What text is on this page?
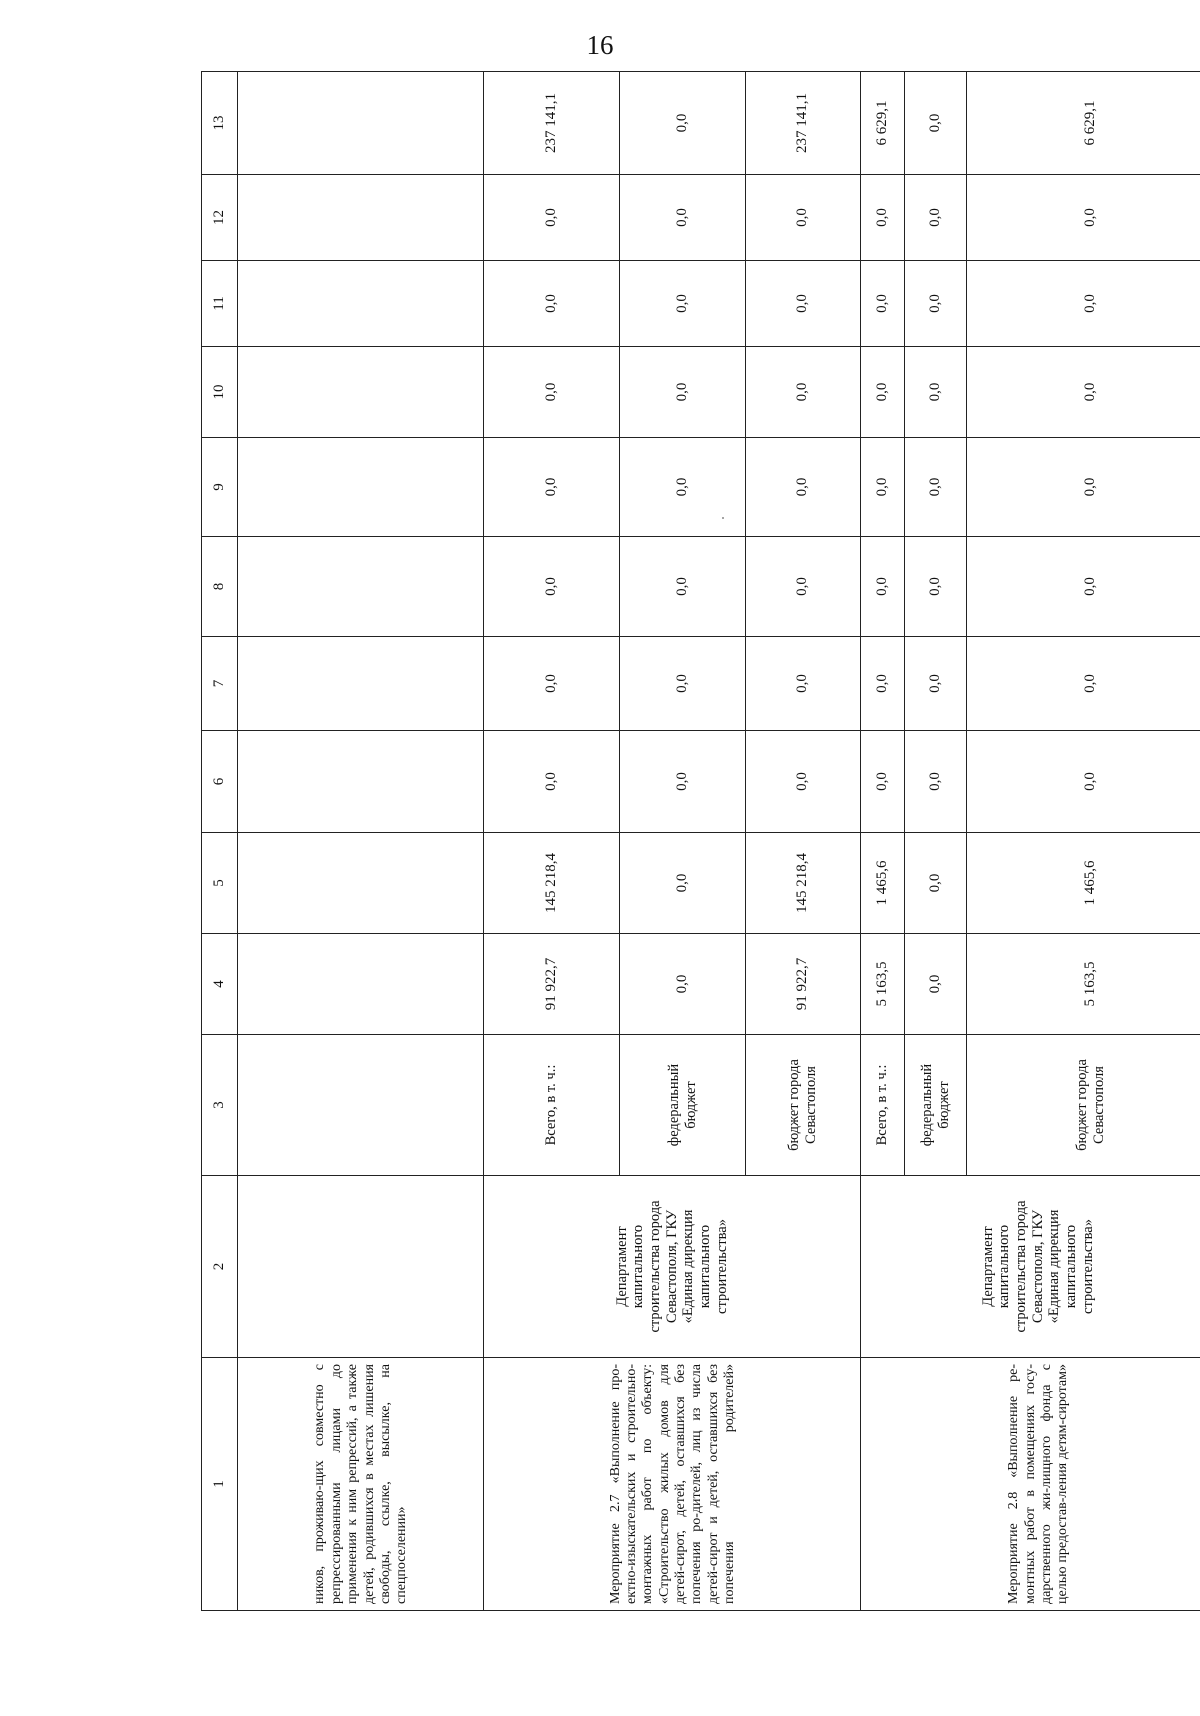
16
1	2	3	4	5	6	7	8	9	10	11	12	13

ников, проживаю-щих совместно с репрессированными лицами до применения к ним репрессий, а также детей, родившихся в местах лишения свободы, ссылке, высылке, на спецпоселении»												

Мероприятие 2.7 «Выполнение про-ектно-изыскательских и строительно-монтажных работ по объекту: «Строительство жилых домов для детей-сирот, детей, оставшихся без попечения ро-дителей, лиц из числа детей-сирот и детей, оставшихся без попечения родителей»	Департамент капитального строительства города Севастополя, ГКУ «Единая дирекция капитального строительства»	Всего, в т. ч.:	91 922,7	145 218,4	0,0	0,0	0,0	0,0	0,0	0,0	0,0	237 141,1
		федеральный бюджет	0,0	0,0	0,0	0,0	0,0	0,0	0,0	0,0	0,0	0,0
		бюджет города Севастополя	91 922,7	145 218,4	0,0	0,0	0,0	0,0	0,0	0,0	0,0	237 141,1

Мероприятие 2.8 «Выполнение ре-монтных работ в помещениях госу-дарственного жи-лищного фонда с целью предостав-ления детям-сиротам»	Департамент капитального строительства города Севастополя, ГКУ «Единая дирекция капитального строительства»	Всего, в т. ч.:	5 163,5	1 465,6	0,0	0,0	0,0	0,0	0,0	0,0	0,0	6 629,1
		федеральный бюджет	0,0	0,0	0,0	0,0	0,0	0,0	0,0	0,0	0,0	0,0
		бюджет города Севастополя	5 163,5	1 465,6	0,0	0,0	0,0	0,0	0,0	0,0	0,0	6 629,1
